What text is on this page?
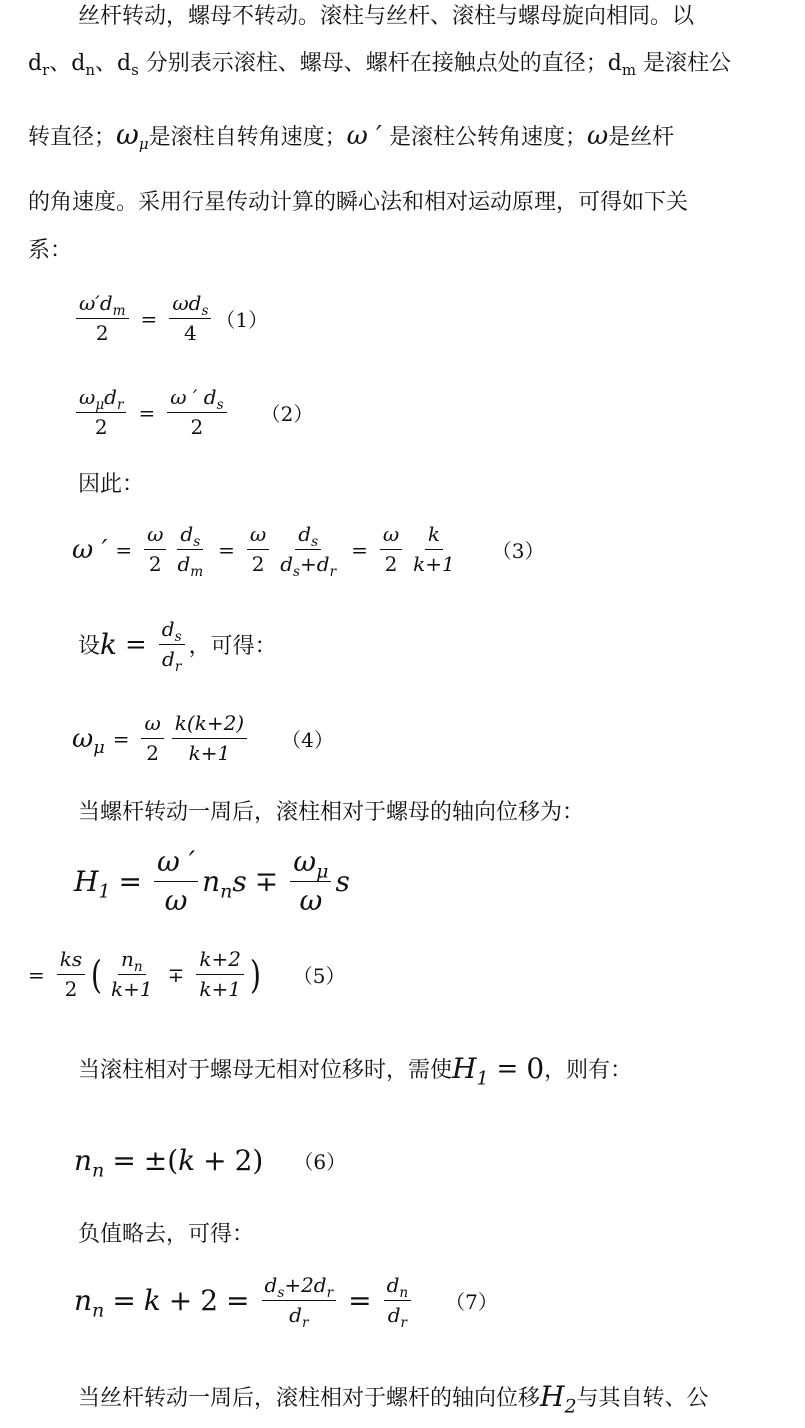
丝杆转动，螺母不转动。滚柱与丝杆、滚柱与螺母旋向相同。以
$d_r$、$d_n$、$d_s$ 分别表示滚柱、螺母、螺杆在接触点处的直径；$d_m$ 是滚柱公
转直径；$\omega_\mu$是滚柱自转角速度；ω ′ 是滚柱公转角速度；ω是丝杆
的角速度。采用行星传动计算的瞬心法和相对运动原理，可得如下关
系：
$\frac{\omega'd_m}{2} = \frac{\omega d_s}{4} (1)$
$\frac{\omega_\mu d_r}{2} = \frac{\omega ' d_s}{2} (2)$
因此：
ω ′ = $\frac{\omega}{2} \frac{d_s}{d_m} = \frac{\omega}{2} \frac{d_s}{d_s+d_r} = \frac{\omega}{2} \frac{k}{k+1} (3)$
设 $k = \frac{d_s}{d_r}$ ，可得：
$\omega_\mu = \frac{\omega}{2} \frac{k(k+2)}{k+1} (4)$
当螺杆转动一周后，滚柱相对于螺母的轴向位移为：
$H_1 = \frac{\omega '}{\omega} n_ns \mp \frac{\omega_\mu}{\omega}$ s
= $\frac{ks}{2}$ ( $\frac{n_n}{k+1} \mp \frac{k+2}{k+1}$ ) （5）
当滚柱相对于螺母无相对位移时，需使 $H_1 = 0$ ，则有：
$n_n$ = ±( k + 2) （6）
负值略去，可得：
$n_n = k + 2 = \frac{d_s+2d_r}{d_r} = \frac{d_n}{d_r} (7)$
当丝杆转动一周后，滚柱相对于螺杆的轴向位移 $H_2$ 与其自转、公
